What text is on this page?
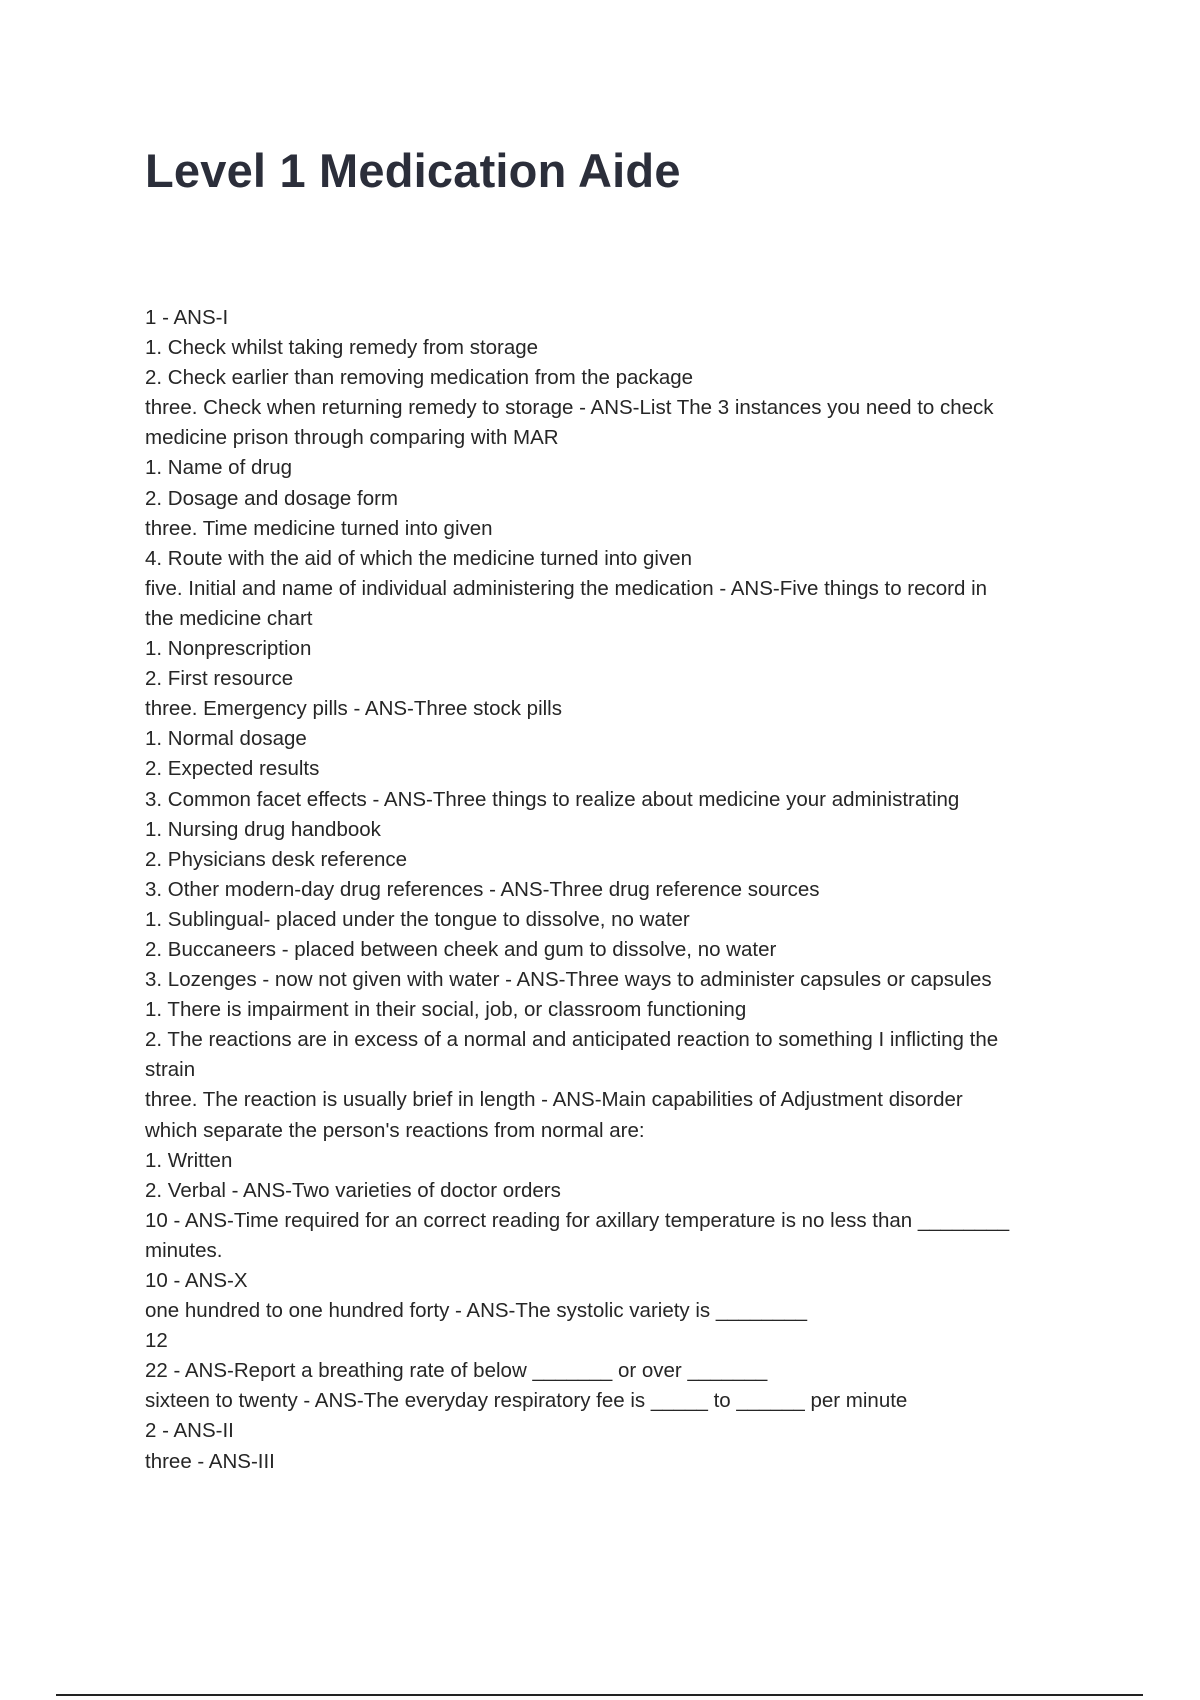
Level 1 Medication Aide
1 - ANS-I
1. Check whilst taking remedy from storage
2. Check earlier than removing medication from the package
three. Check when returning remedy to storage - ANS-List The 3 instances you need to check
medicine prison through comparing with MAR
1. Name of drug
2. Dosage and dosage form
three. Time medicine turned into given
4. Route with the aid of which the medicine turned into given
five. Initial and name of individual administering the medication - ANS-Five things to record in
the medicine chart
1. Nonprescription
2. First resource
three. Emergency pills - ANS-Three stock pills
1. Normal dosage
2. Expected results
3. Common facet effects - ANS-Three things to realize about medicine your administrating
1. Nursing drug handbook
2. Physicians desk reference
3. Other modern-day drug references - ANS-Three drug reference sources
1. Sublingual- placed under the tongue to dissolve, no water
2. Buccaneers - placed between cheek and gum to dissolve, no water
3. Lozenges - now not given with water - ANS-Three ways to administer capsules or capsules
1. There is impairment in their social, job, or classroom functioning
2. The reactions are in excess of a normal and anticipated reaction to something I inflicting the
strain
three. The reaction is usually brief in length - ANS-Main capabilities of Adjustment disorder
which separate the person's reactions from normal are:
1. Written
2. Verbal - ANS-Two varieties of doctor orders
10 - ANS-Time required for an correct reading for axillary temperature is no less than ________
minutes.
10 - ANS-X
one hundred to one hundred forty - ANS-The systolic variety is ________
12
22 - ANS-Report a breathing rate of below _______ or over _______
sixteen to twenty - ANS-The everyday respiratory fee is _____ to ______ per minute
2 - ANS-II
three - ANS-III
